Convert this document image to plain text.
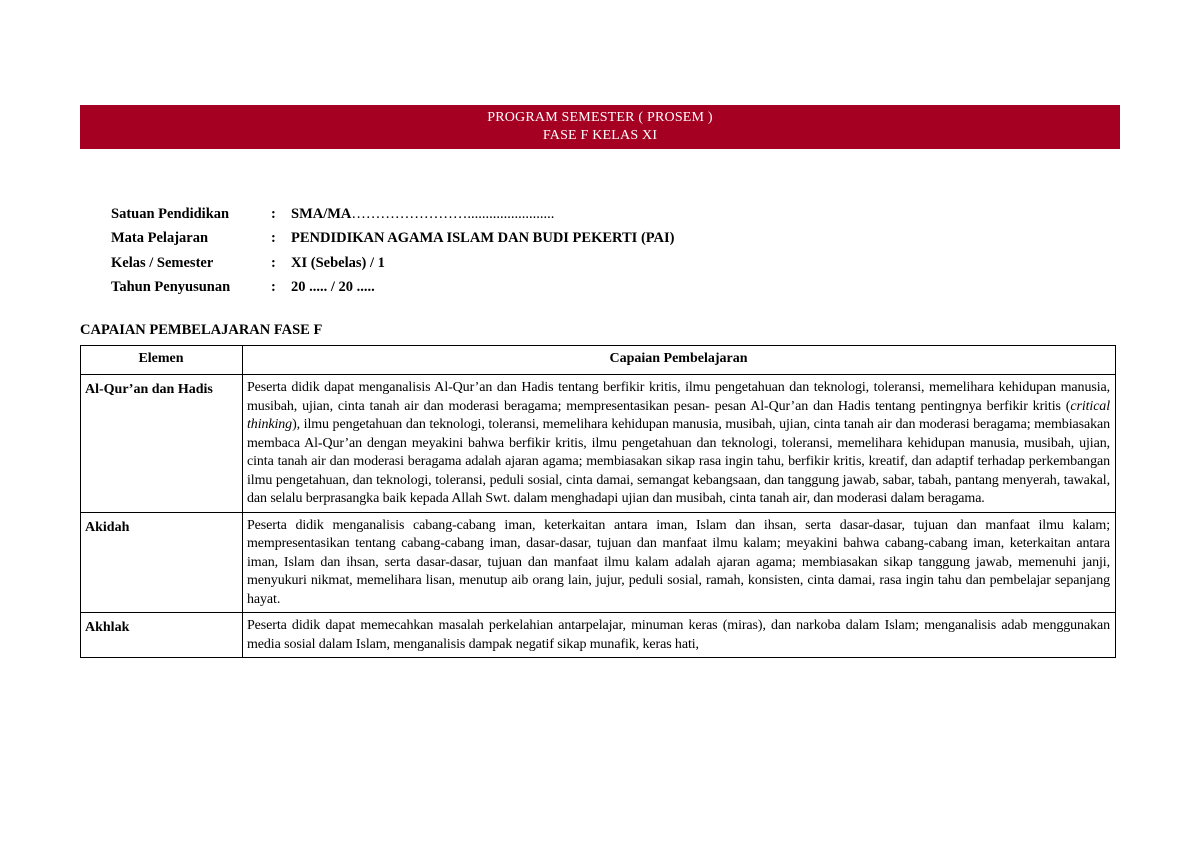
PROGRAM SEMESTER ( PROSEM )
FASE F KELAS XI
Satuan Pendidikan	:	SMA/MA ……………………........................
Mata Pelajaran	:	PENDIDIKAN AGAMA ISLAM DAN BUDI PEKERTI (PAI)
Kelas / Semester	:	XI (Sebelas) / 1
Tahun Penyusunan	:	20 ..... / 20 .....
CAPAIAN PEMBELAJARAN FASE F
Elemen	Capaian Pembelajaran
Al-Qur’an dan Hadis	Peserta didik dapat menganalisis Al-Qur’an dan Hadis tentang berfikir kritis, ilmu pengetahuan dan teknologi, toleransi, memelihara kehidupan manusia, musibah, ujian, cinta tanah air dan moderasi beragama; mempresentasikan pesan- pesan Al-Qur’an dan Hadis tentang pentingnya berfikir kritis (critical thinking), ilmu pengetahuan dan teknologi, toleransi, memelihara kehidupan manusia, musibah, ujian, cinta tanah air dan moderasi beragama; membiasakan membaca Al-Qur’an dengan meyakini bahwa berfikir kritis, ilmu pengetahuan dan teknologi, toleransi, memelihara kehidupan manusia, musibah, ujian, cinta tanah air dan moderasi beragama adalah ajaran agama; membiasakan sikap rasa ingin tahu, berfikir kritis, kreatif, dan adaptif terhadap perkembangan ilmu pengetahuan, dan teknologi, toleransi, peduli sosial, cinta damai, semangat kebangsaan, dan tanggung jawab, sabar, tabah, pantang menyerah, tawakal, dan selalu berprasangka baik kepada Allah Swt. dalam menghadapi ujian dan musibah, cinta tanah air, dan moderasi dalam beragama.
Akidah	Peserta didik menganalisis cabang-cabang iman, keterkaitan antara iman, Islam dan ihsan, serta dasar-dasar, tujuan dan manfaat ilmu kalam; mempresentasikan tentang cabang-cabang iman, dasar-dasar, tujuan dan manfaat ilmu kalam; meyakini bahwa cabang-cabang iman, keterkaitan antara iman, Islam dan ihsan, serta dasar-dasar, tujuan dan manfaat ilmu kalam adalah ajaran agama; membiasakan sikap tanggung jawab, memenuhi janji, menyukuri nikmat, memelihara lisan, menutup aib orang lain, jujur, peduli sosial, ramah, konsisten, cinta damai, rasa ingin tahu dan pembelajar sepanjang hayat.
Akhlak	Peserta didik dapat memecahkan masalah perkelahian antarpelajar, minuman keras (miras), dan narkoba dalam Islam; menganalisis adab menggunakan media sosial dalam Islam, menganalisis dampak negatif sikap munafik, keras hati,
